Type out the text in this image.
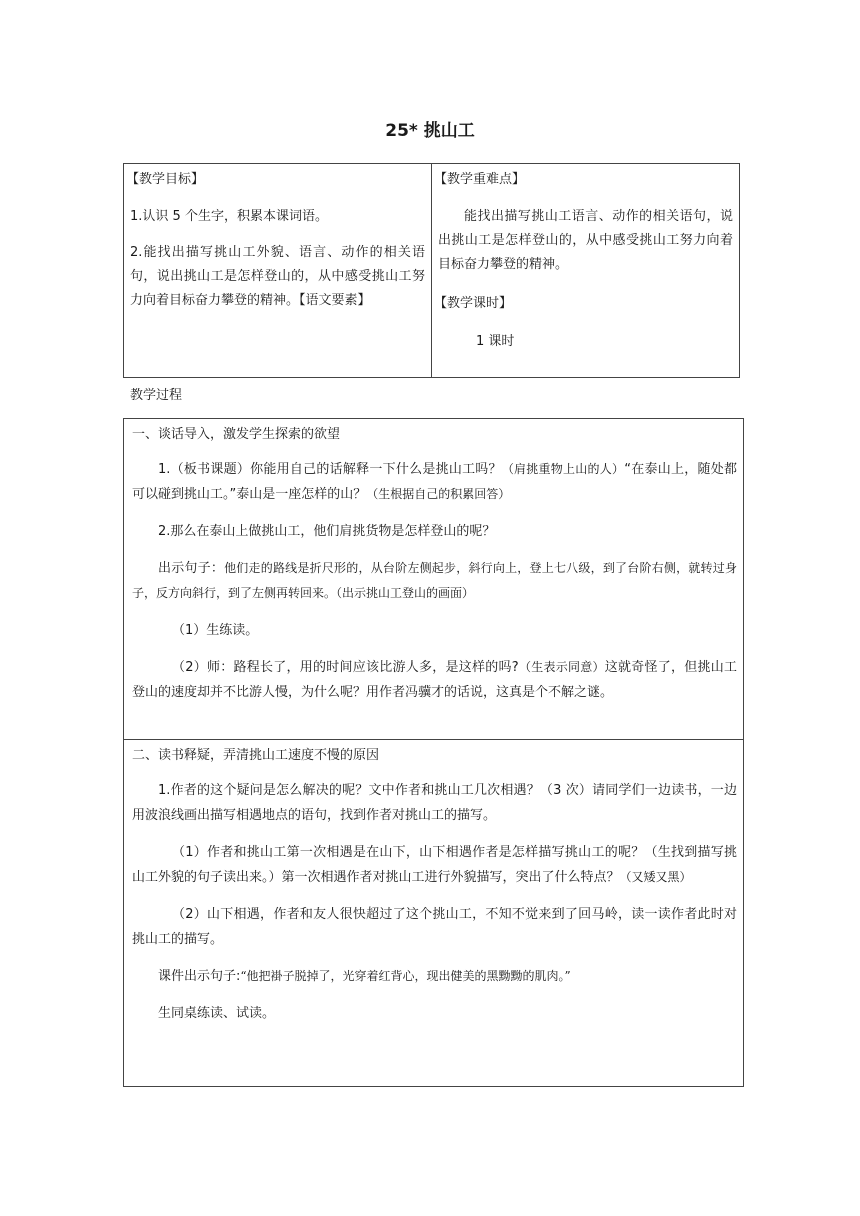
25* 挑山工
【教学目标】

1.认识 5 个生字，积累本课词语。

2.能找出描写挑山工外貌、语言、动作的相关语句，说出挑山工是怎样登山的，从中感受挑山工努力向着目标奋力攀登的精神。【语文要素】

【教学重难点】

能找出描写挑山工语言、动作的相关语句，说出挑山工是怎样登山的，从中感受挑山工努力向着目标奋力攀登的精神。

【教学课时】

1 课时

教学过程
一、谈话导入，激发学生探索的欲望

1.（板书课题）你能用自己的话解释一下什么是挑山工吗？（肩挑重物上山的人）“在泰山上，随处都可以碰到挑山工。”泰山是一座怎样的山？（生根据自己的积累回答）

2.那么在泰山上做挑山工，他们肩挑货物是怎样登山的呢？

出示句子：他们走的路线是折尺形的，从台阶左侧起步，斜行向上，登上七八级，到了台阶右侧，就转过身子，反方向斜行，到了左侧再转回来。（出示挑山工登山的画面）

（1）生练读。

（2）师：路程长了，用的时间应该比游人多，是这样的吗?（生表示同意）这就奇怪了，但挑山工登山的速度却并不比游人慢，为什么呢？用作者冯骥才的话说，这真是个不解之谜。

二、读书释疑，弄清挑山工速度不慢的原因

1.作者的这个疑问是怎么解决的呢？文中作者和挑山工几次相遇？（3 次）请同学们一边读书，一边用波浪线画出描写相遇地点的语句，找到作者对挑山工的描写。

（1）作者和挑山工第一次相遇是在山下，山下相遇作者是怎样描写挑山工的呢？（生找到描写挑山工外貌的句子读出来。）第一次相遇作者对挑山工进行外貌描写，突出了什么特点？（又矮又黑）

（2）山下相遇，作者和友人很快超过了这个挑山工，不知不觉来到了回马岭，读一读作者此时对挑山工的描写。

课件出示句子:“他把褂子脱掉了，光穿着红背心，现出健美的黑黝黝的肌肉。”

生同桌练读、试读。
